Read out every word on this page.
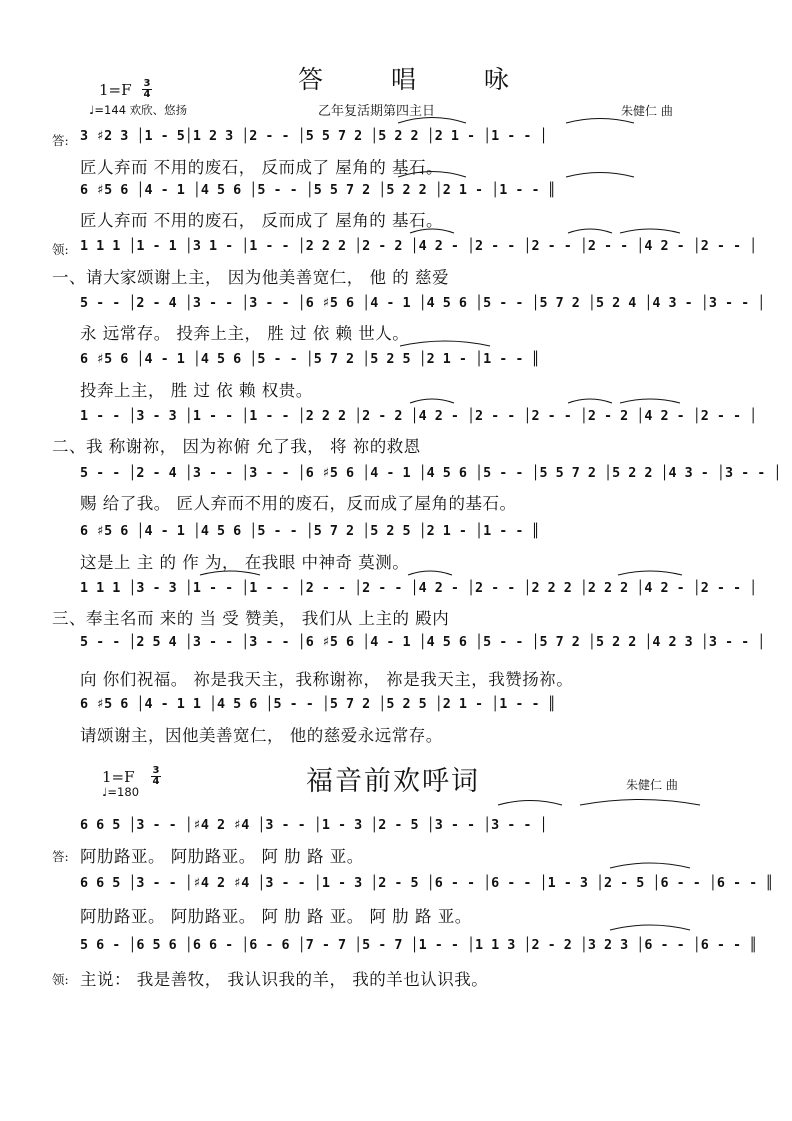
$1=F \frac{3}{4}$
♩=144 欢欣、悠扬
答 唱 咏
乙年复活期第四主日	朱健仁 曲
答:
领:
3 ♯2 3 │1 - 5│1 2 3 │2 - - │5 5 7 2 │5 2 2 │2 1 - │1 - - │
匠人弃而 不用的废石， 反而成了 屋角的 基石。
6 ♯5 6 │4 - 1 │4 5 6 │5 - - │5 5 7 2 │5 2 2 │2 1 - │1 - - ║
匠人弃而 不用的废石， 反而成了 屋角的 基石。
1 1 1 │1 - 1 │3 1 - │1 - - │2 2 2 │2 - 2 │4 2 - │2 - - │2 - - │2 - - │4 2 - │2 - - │
一、请大家颂谢上主， 因为他美善宽仁， 他 的 慈爱
5 - - │2 - 4 │3 - - │3 - - │6 ♯5 6 │4 - 1 │4 5 6 │5 - - │5 7 2 │5 2 4 │4 3 - │3 - - │
永 远常存。 投奔上主， 胜 过 依 赖 世人。
6 ♯5 6 │4 - 1 │4 5 6 │5 - - │5 7 2 │5 2 5 │2 1 - │1 - - ║
投奔上主， 胜 过 依 赖 权贵。
1 - - │3 - 3 │1 - - │1 - - │2 2 2 │2 - 2 │4 2 - │2 - - │2 - - │2 - 2 │4 2 - │2 - - │
二、我 称谢祢， 因为祢俯 允了我， 将 祢的救恩
5 - - │2 - 4 │3 - - │3 - - │6 ♯5 6 │4 - 1 │4 5 6 │5 - - │5 5 7 2 │5 2 2 │4 3 - │3 - - │
赐 给了我。 匠人弃而不用的废石，反而成了屋角的基石。
6 ♯5 6 │4 - 1 │4 5 6 │5 - - │5 7 2 │5 2 5 │2 1 - │1 - - ║
这是上 主 的 作 为， 在我眼 中神奇 莫测。
1 1 1 │3 - 3 │1 - - │1 - - │2 - - │2 - - │4 2 - │2 - - │2 2 2 │2 2 2 │4 2 - │2 - - │
三、奉主名而 来的 当 受 赞美， 我们从 上主的 殿内
5 - - │2 5 4 │3 - - │3 - - │6 ♯5 6 │4 - 1 │4 5 6 │5 - - │5 7 2 │5 2 2 │4 2 3 │3 - - │
向 你们祝福。 祢是我天主，我称谢祢， 祢是我天主，我赞扬祢。
6 ♯5 6 │4 - 1 1 │4 5 6 │5 - - │5 7 2 │5 2 5 │2 1 - │1 - - ║
请颂谢主，因他美善宽仁， 他的慈爱永远常存。
$1=F \frac{3}{4}$
♩=180	福音前欢呼词	朱健仁 曲
答:
领:
6 6 5 │3 - - │♯4 2 ♯4 │3 - - │1 - 3 │2 - 5 │3 - - │3 - - │
阿肋路亚。 阿肋路亚。 阿 肋 路 亚。
6 6 5 │3 - - │♯4 2 ♯4 │3 - - │1 - 3 │2 - 5 │6 - - │6 - - │1 - 3 │2 - 5 │6 - - │6 - - ║
阿肋路亚。 阿肋路亚。 阿 肋 路 亚。 阿 肋 路 亚。
5 6 - │6 5 6 │6 6 - │6 - 6 │7 - 7 │5 - 7 │1 - - │1 1 3 │2 - 2 │3 2 3 │6 - - │6 - - ║
主说： 我是善牧， 我认识我的羊， 我的羊也认识我。
